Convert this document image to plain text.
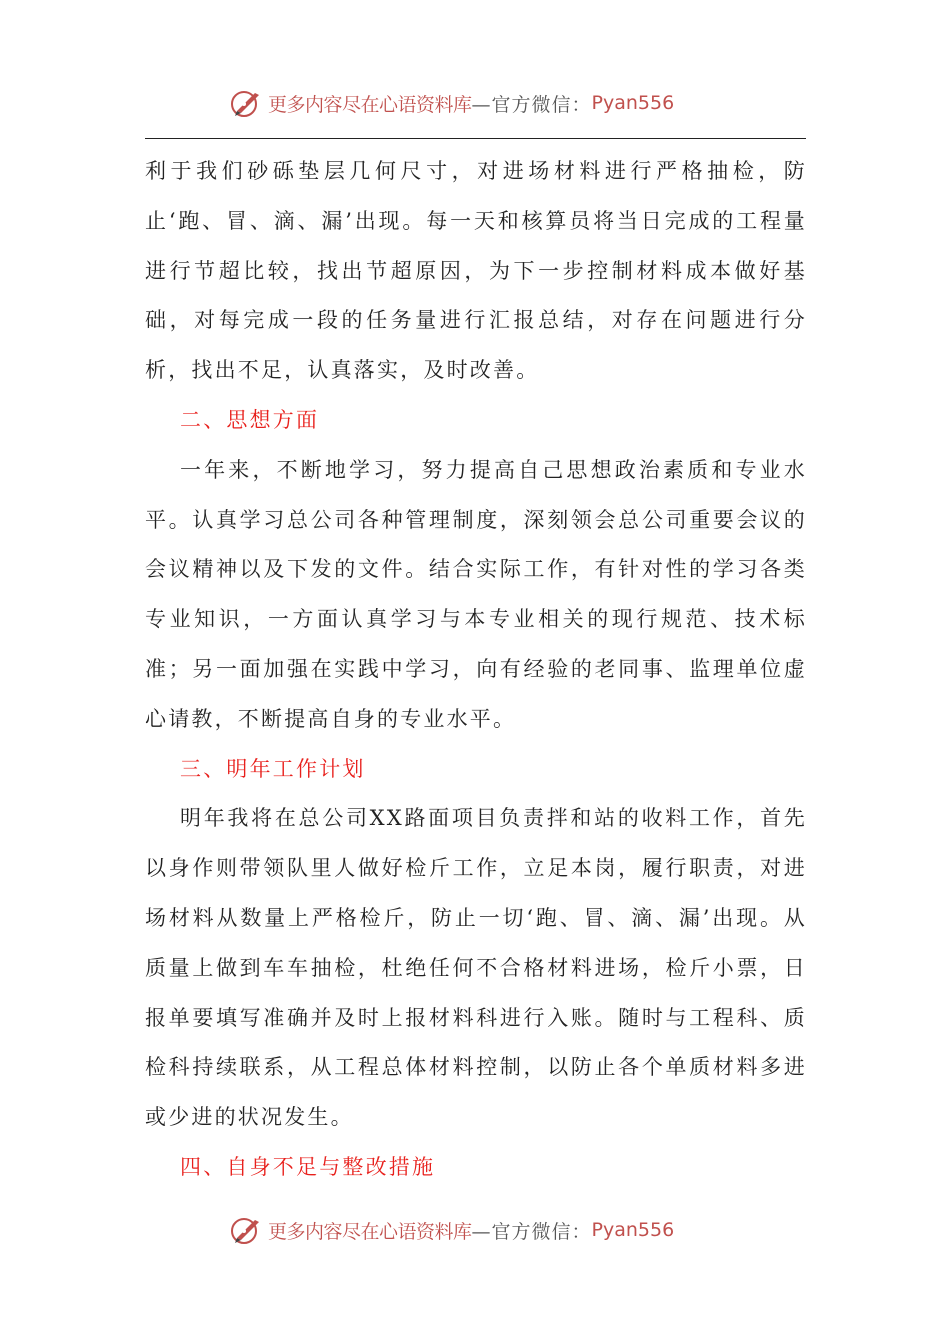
更多内容尽在心语资料库 —官方微信： Pyan556

利于我们砂砾垫层几何尺寸，对进场材料进行严格抽检，防止‘跑、冒、滴、漏’出现。每一天和核算员将当日完成的工程量进行节超比较，找出节超原因，为下一步控制材料成本做好基础，对每完成一段的任务量进行汇报总结，对存在问题进行分析，找出不足，认真落实，及时改善。

二、思想方面

一年来，不断地学习，努力提高自己思想政治素质和专业水平。认真学习总公司各种管理制度，深刻领会总公司重要会议的会议精神以及下发的文件。结合实际工作，有针对性的学习各类专业知识，一方面认真学习与本专业相关的现行规范、技术标准；另一面加强在实践中学习，向有经验的老同事、监理单位虚心请教，不断提高自身的专业水平。

三、明年工作计划

明年我将在总公司XX路面项目负责拌和站的收料工作，首先以身作则带领队里人做好检斤工作，立足本岗，履行职责，对进场材料从数量上严格检斤，防止一切‘跑、冒、滴、漏’出现。从质量上做到车车抽检，杜绝任何不合格材料进场，检斤小票，日报单要填写准确并及时上报材料科进行入账。随时与工程科、质检科持续联系，从工程总体材料控制，以防止各个单质材料多进或少进的状况发生。

四、自身不足与整改措施

更多内容尽在心语资料库 —官方微信： Pyan556
